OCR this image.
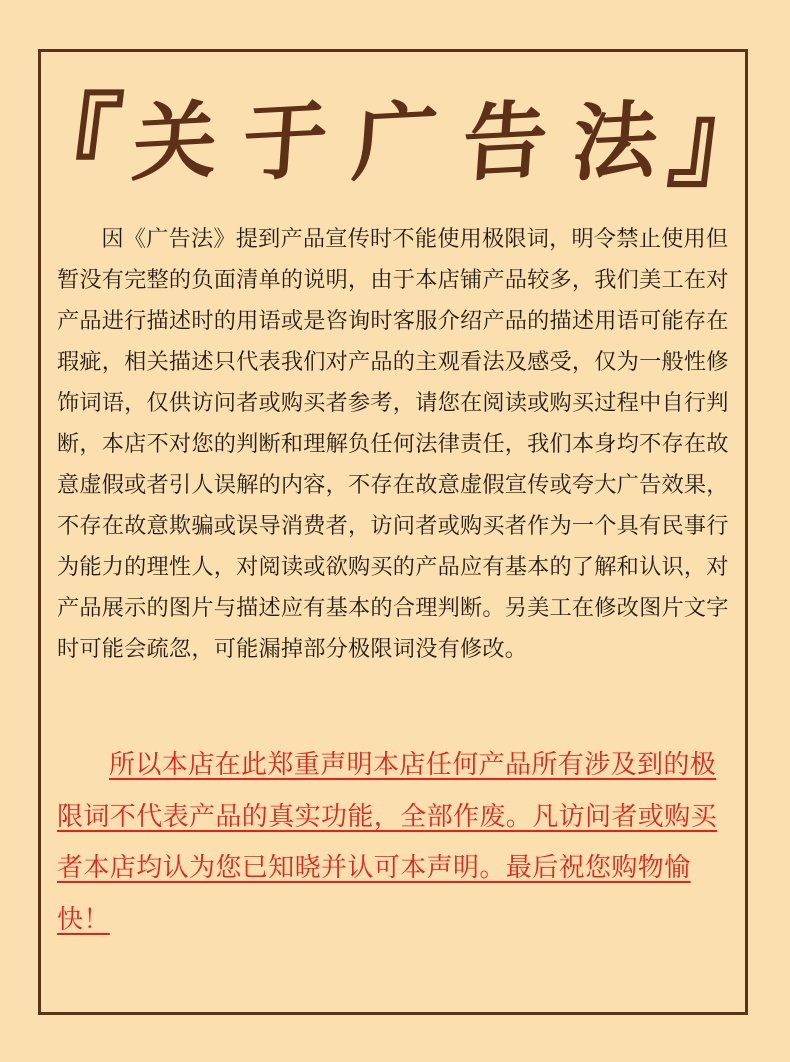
『 关 于 广 告 法 』

因《广告法》提到产品宣传时不能使用极限词，明令禁止使用但暂没有完整的负面清单的说明，由于本店铺产品较多，我们美工在对产品进行描述时的用语或是咨询时客服介绍产品的描述用语可能存在瑕疵，相关描述只代表我们对产品的主观看法及感受，仅为一般性修饰词语，仅供访问者或购买者参考，请您在阅读或购买过程中自行判断，本店不对您的判断和理解负任何法律责任，我们本身均不存在故意虚假或者引人误解的内容，不存在故意虚假宣传或夸大广告效果，不存在故意欺骗或误导消费者，访问者或购买者作为一个具有民事行为能力的理性人，对阅读或欲购买的产品应有基本的了解和认识，对产品展示的图片与描述应有基本的合理判断。另美工在修改图片文字时可能会疏忽，可能漏掉部分极限词没有修改。

所以本店在此郑重声明本店任何产品所有涉及到的极限词不代表产品的真实功能，全部作废。凡访问者或购买者本店均认为您已知晓并认可本声明。最后祝您购物愉快！
